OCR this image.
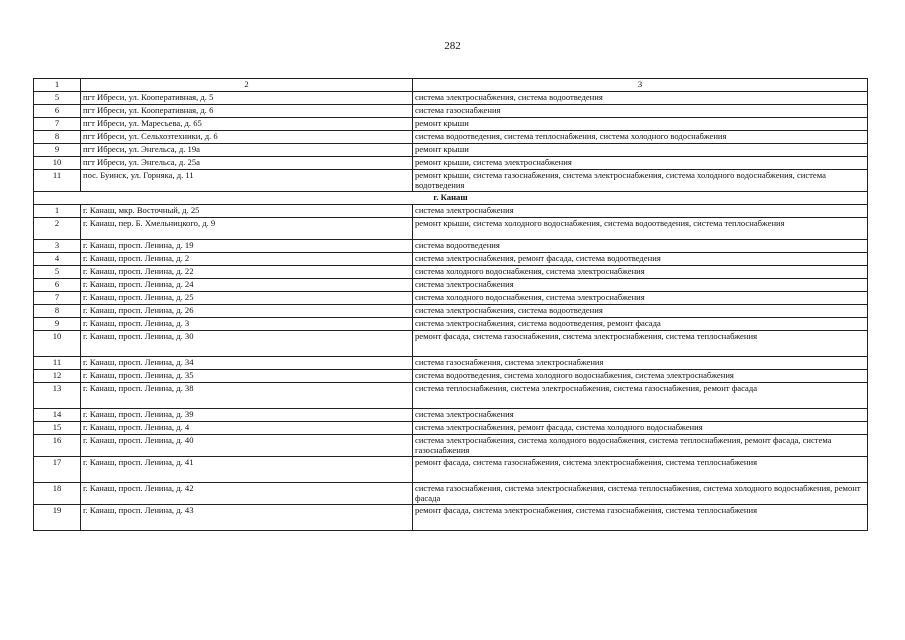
282
1	2	3
5	пгт Ибреси, ул. Кооперативная, д. 5	система электроснабжения, система водоотведения
6	пгт Ибреси, ул. Кооперативная, д. 6	система газоснабжения
7	пгт Ибреси, ул. Маресьева, д. 65	ремонт крыши
8	пгт Ибреси, ул. Сельхозтехники, д. 6	система водоотведения, система теплоснабжения, система холодного водоснабжения
9	пгт Ибреси, ул. Энгельса, д. 19а	ремонт крыши
10	пгт Ибреси, ул. Энгельса, д. 25а	ремонт крыши, система электроснабжения
11	пос. Буинск, ул. Горняка, д. 11	ремонт крыши, система газоснабжения, система электроснабжения, система холодного водоснабжения, система водотведения
г. Канаш		
1	г. Канаш, мкр. Восточный, д. 25	система электроснабжения
2	г. Канаш, пер. Б. Хмельницкого, д. 9	ремонт крыши, система холодного водоснабжения, система водоотведения, система теплоснабжения
3	г. Канаш, просп. Ленина, д. 19	система водоотведения
4	г. Канаш, просп. Ленина, д. 2	система электроснабжения, ремонт фасада, система водоотведения
5	г. Канаш, просп. Ленина, д. 22	система холодного водоснабжения, система электроснабжения
6	г. Канаш, просп. Ленина, д. 24	система электроснабжения
7	г. Канаш, просп. Ленина, д. 25	система холодного водоснабжения, система электроснабжения
8	г. Канаш, просп. Ленина, д. 26	система электроснабжения, система водоотведения
9	г. Канаш, просп. Ленина, д. 3	система электроснабжения, система водоотведения, ремонт фасада
10	г. Канаш, просп. Ленина, д. 30	ремонт фасада, система газоснабжения, система электроснабжения, система теплоснабжения
11	г. Канаш, просп. Ленина, д. 34	система газоснабжения, система электроснабжения
12	г. Канаш, просп. Ленина, д. 35	система водоотведения, система холодного водоснабжения, система электроснабжения
13	г. Канаш, просп. Ленина, д. 38	система теплоснабжения, система электроснабжения, система газоснабжения, ремонт фасада
14	г. Канаш, просп. Ленина, д. 39	система электроснабжения
15	г. Канаш, просп. Ленина, д. 4	система электроснабжения, ремонт фасада, система холодного водоснабжения
16	г. Канаш, просп. Ленина, д. 40	система электроснабжения, система холодного водоснабжения, система теплоснабжения, ремонт фасада, система газоснабжения
17	г. Канаш, просп. Ленина, д. 41	ремонт фасада, система газоснабжения, система электроснабжения, система теплоснабжения
18	г. Канаш, просп. Ленина, д. 42	система газоснабжения, система электроснабжения, система теплоснабжения, система холодного водоснабжения, ремонт фасада
19	г. Канаш, просп. Ленина, д. 43	ремонт фасада, система электроснабжения, система газоснабжения, система теплоснабжения
